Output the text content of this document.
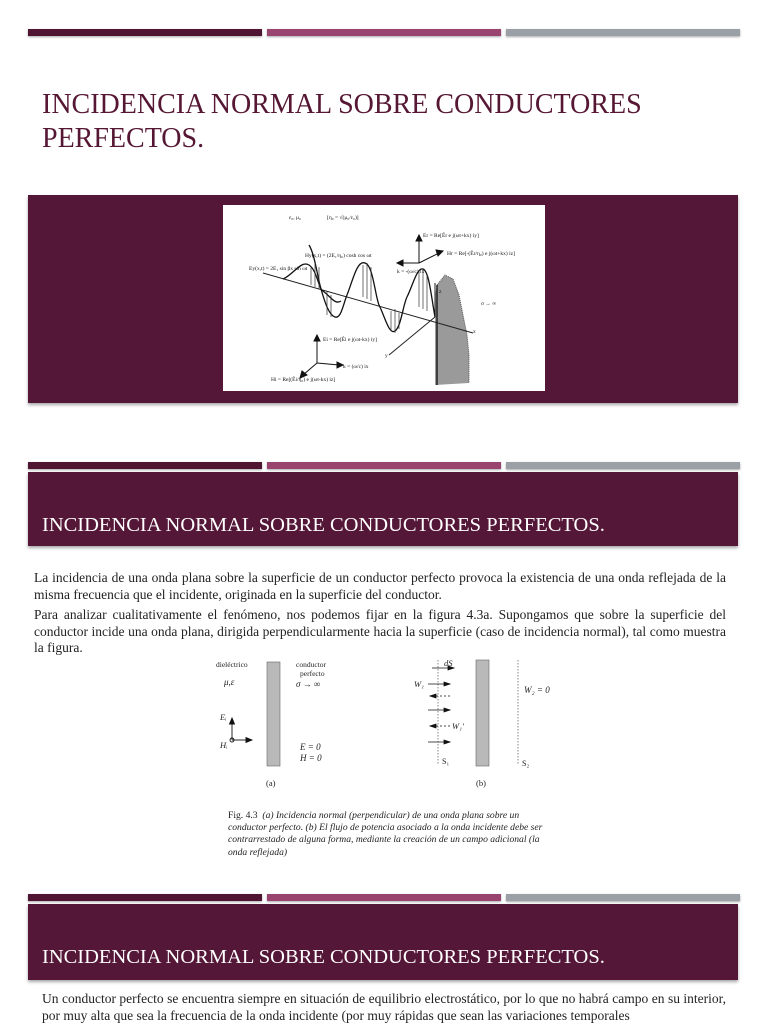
INCIDENCIA NORMAL SOBRE CONDUCTORES PERFECTOS.
ε₀, μ₀	[η₀ = √(μ₀/ε₀)]
Hy(x,t) = (2E₁/η₀) cosh cos ωt
Ey(x,t) = 2E₁ sin βx sin ωt
Er = Re[Êr e j(ωt+kx) iy]
Hr = Re[-(Êr/η₀) e j(ωt+kx) iz]
k = -(ω/c) ix
Ei = Re[Êi e j(ωt-kx) iy]
k = (ω/c) ix
Hi = Re[(Êi/η₀) e j(ωt-kx) iz]
σ → ∞
z
y
x
INCIDENCIA NORMAL SOBRE CONDUCTORES PERFECTOS.

La incidencia de una onda plana sobre la superficie de un conductor perfecto provoca la existencia de una onda reflejada de la misma frecuencia que el incidente, originada en la superficie del conductor.

Para analizar cualitativamente el fenómeno, nos podemos fijar en la figura 4.3a. Supongamos que sobre la superficie del conductor incide una onda plana, dirigida perpendicularmente hacia la superficie (caso de incidencia normal), tal como muestra la figura.

dieléctrico
μ,ε
conductor
perfecto
σ → ∞
Eᵢ
Hᵢ	E = 0
H = 0
(a)
dS
W₁
W₁'
W₂ = 0
S₁	S₂
(b)

Fig. 4.3 (a) Incidencia normal (perpendicular) de una onda plana sobre un conductor perfecto. (b) El flujo de potencia asociado a la onda incidente debe ser contrarrestado de alguna forma, mediante la creación de un campo adicional (la onda reflejada)

INCIDENCIA NORMAL SOBRE CONDUCTORES PERFECTOS.

Un conductor perfecto se encuentra siempre en situación de equilibrio electrostático, por lo que no habrá campo en su interior, por muy alta que sea la frecuencia de la onda incidente (por muy rápidas que sean las variaciones temporales
